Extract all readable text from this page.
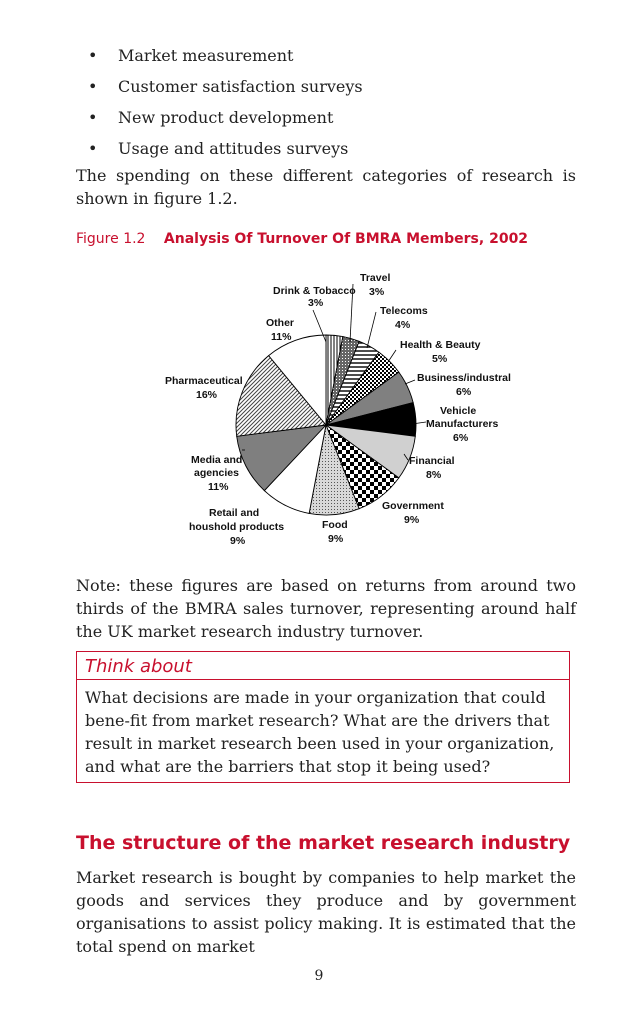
• Market measurement
• Customer satisfaction surveys
• New product development
• Usage and attitudes surveys

The spending on these different categories of research is shown in figure 1.2.

Figure 1.2 Analysis Of Turnover Of BMRA Members, 2002
Drink & Tobacco
3%
Travel
3%
Telecoms
4%
Health & Beauty
5%
Business/industral
6%
Vehicle
Manufacturers
6%
Financial
8%
Government
9%
Food
9%
Retail and
houshold products
9%
Media and
agencies
11%
Pharmaceutical
16%
Other
11%

Note: these figures are based on returns from around two thirds of the BMRA sales turnover, representing around half the UK market research industry turnover.

Think about

What decisions are made in your organization that could bene-fit from market research? What are the drivers that result in market research been used in your organization, and what are the barriers that stop it being used?

The structure of the market research industry

Market research is bought by companies to help market the goods and services they produce and by government organisations to assist policy making. It is estimated that the total spend on market

9
